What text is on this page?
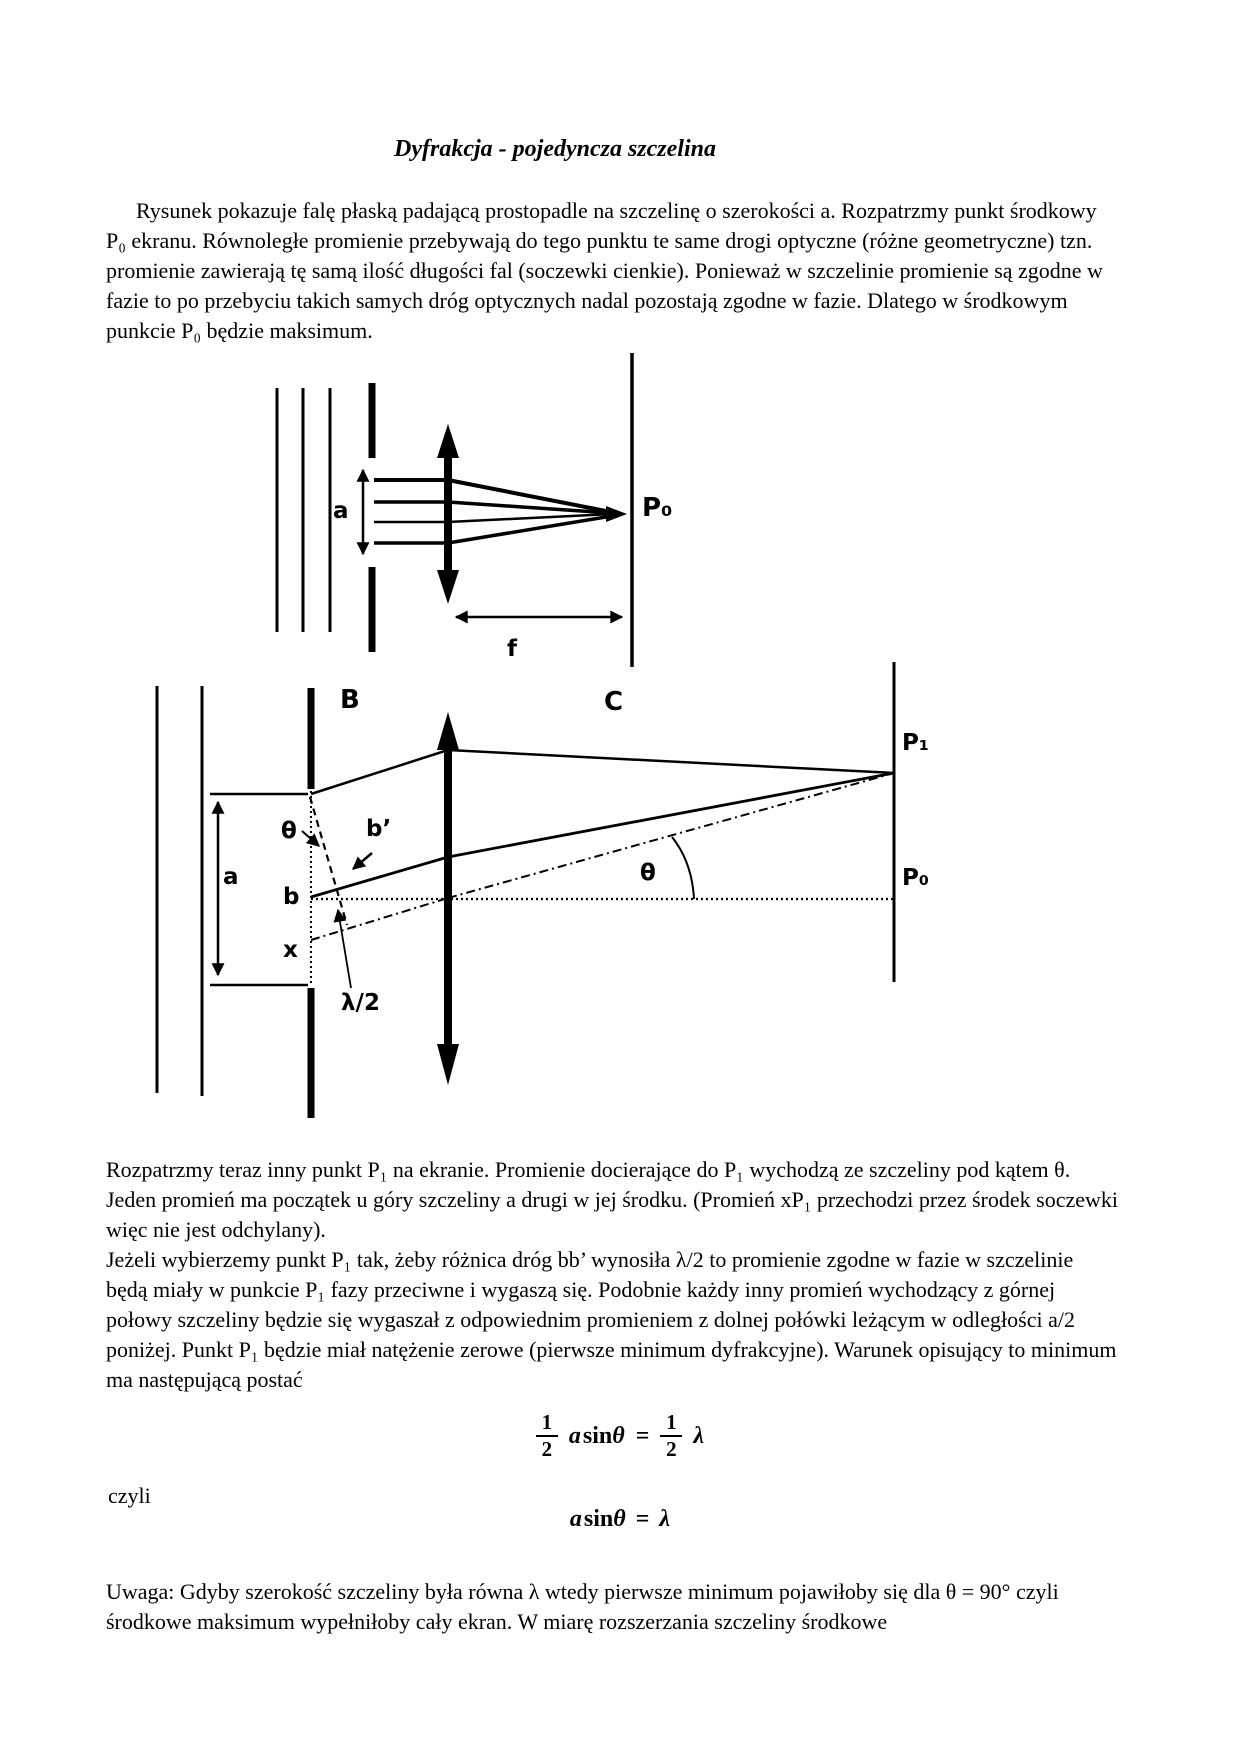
Dyfrakcja - pojedyncza szczelina

Rysunek pokazuje falę płaską padającą prostopadle na szczelinę o szerokości a. Rozpatrzmy punkt środkowy P₀ ekranu. Równoległe promienie przebywają do tego punktu te same drogi optyczne (różne geometryczne) tzn. promienie zawierają tę samą ilość długości fal (soczewki cienkie). Ponieważ w szczelinie promienie są zgodne w fazie to po przebyciu takich samych dróg optycznych nadal pozostają zgodne w fazie. Dlatego w środkowym punkcie P₀ będzie maksimum.

a	P₀
f
B	C
a
θ	b’
b
x
λ/2
θ
P₁
P₀

Rozpatrzmy teraz inny punkt P₁ na ekranie. Promienie docierające do P₁ wychodzą ze szczeliny pod kątem θ. Jeden promień ma początek u góry szczeliny a drugi w jej środku. (Promień xP₁ przechodzi przez środek soczewki więc nie jest odchylany).

Jeżeli wybierzemy punkt P₁ tak, żeby różnica dróg bb’ wynosiła λ/2 to promienie zgodne w fazie w szczelinie będą miały w punkcie P₁ fazy przeciwne i wygaszą się. Podobnie każdy inny promień wychodzący z górnej połowy szczeliny będzie się wygaszał z odpowiednim promieniem z dolnej połówki leżącym w odległości a/2 poniżej. Punkt P₁ będzie miał natężenie zerowe (pierwsze minimum dyfrakcyjne). Warunek opisujący to minimum ma następującą postać

$\frac{1}{2}$ $asin\theta = \frac{1}{2}$ λ

czyli

asinθ = λ

Uwaga: Gdyby szerokość szczeliny była równa λ wtedy pierwsze minimum pojawiłoby się dla θ = 90° czyli środkowe maksimum wypełniłoby cały ekran. W miarę rozszerzania szczeliny środkowe
